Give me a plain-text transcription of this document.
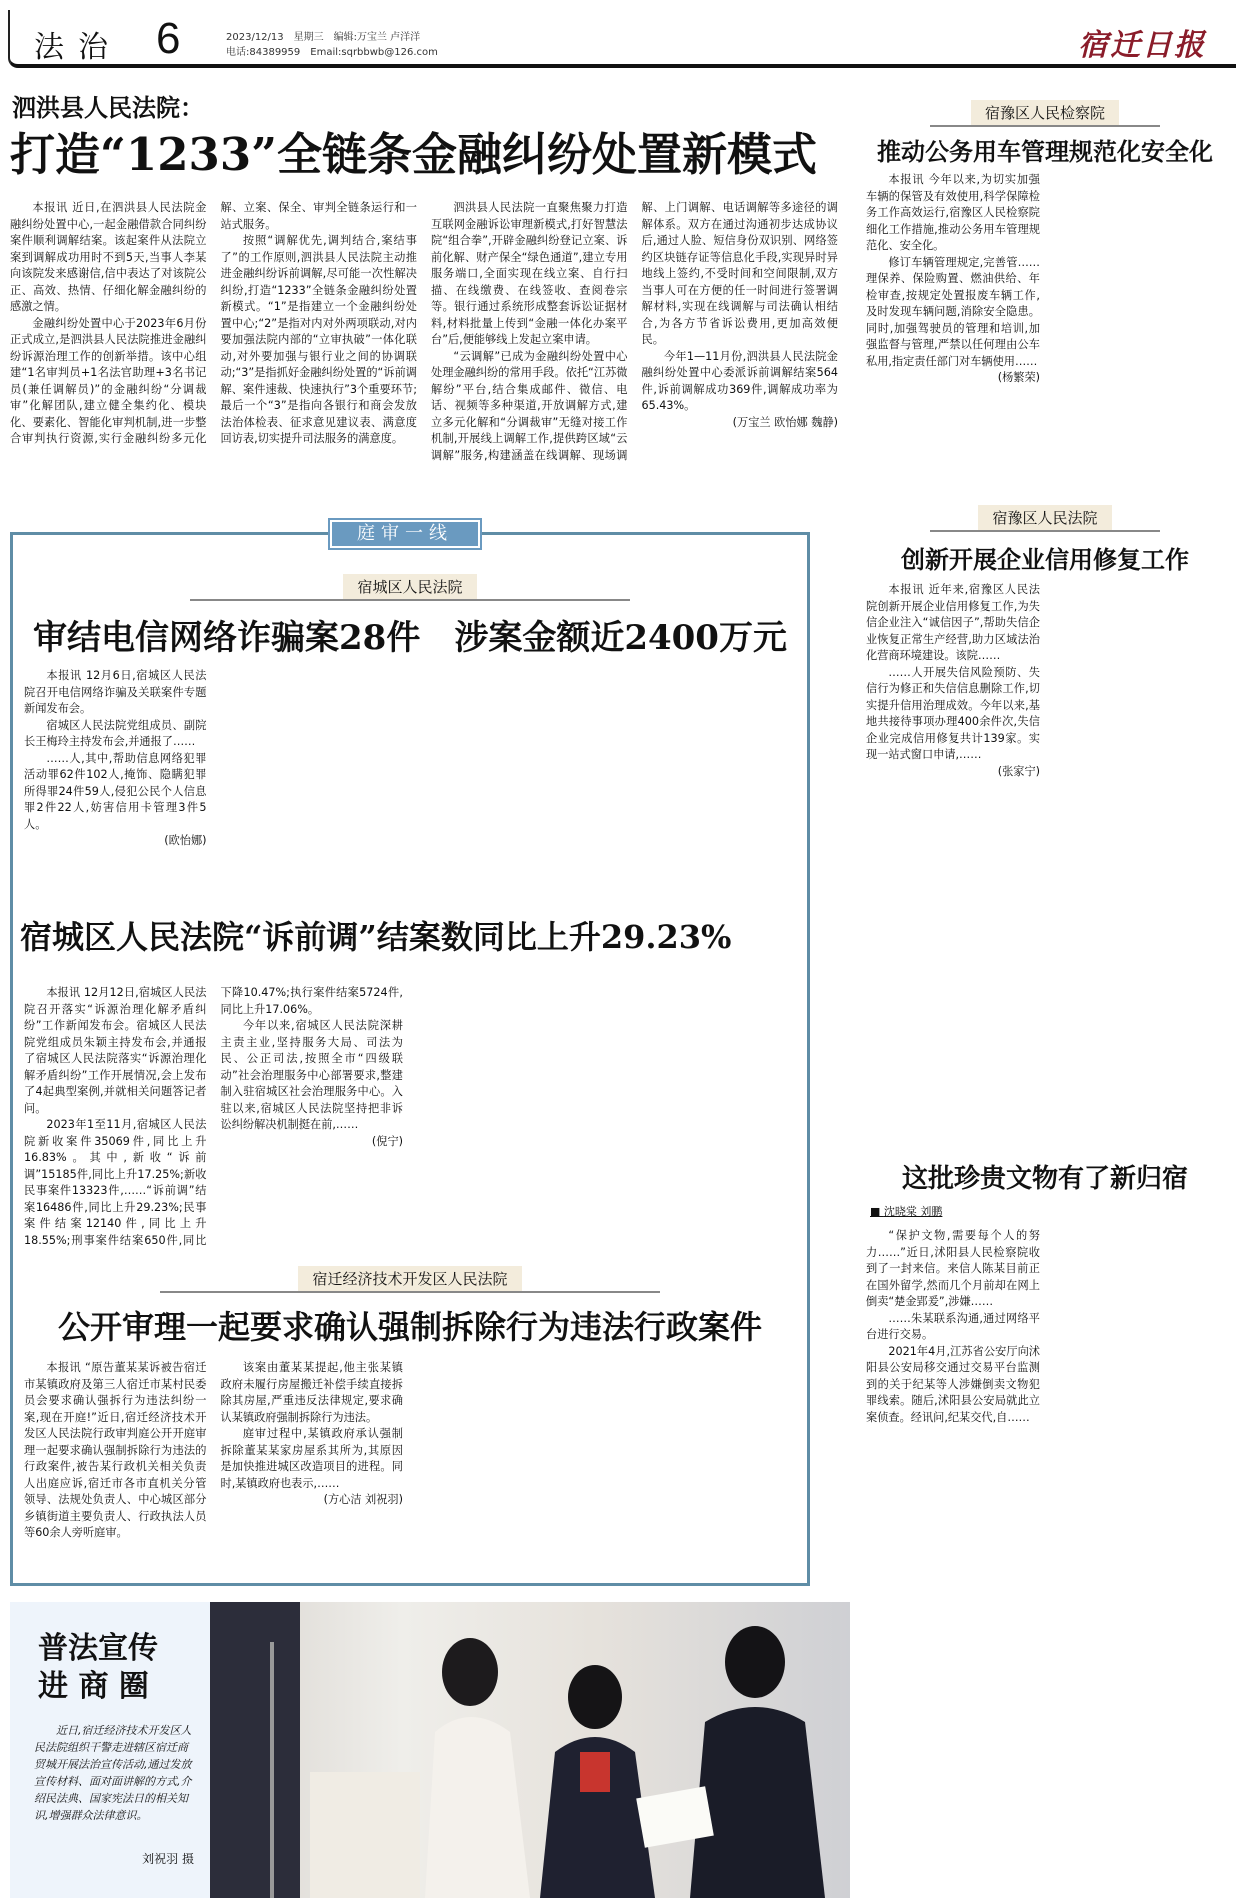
法治 6	2023/12/13　星期三　编辑:万宝兰 卢洋洋
电话:84389959　Email:sqrbbwb@126.com	宿迁日报
泗洪县人民法院：
打造“1233”全链条金融纠纷处置新模式

本报讯 近日,在泗洪县人民法院金融纠纷处置中心,一起金融借款合同纠纷案件顺利调解结案。该起案件从法院立案到调解成功用时不到5天,当事人李某向该院发来感谢信,信中表达了对该院公正、高效、热情、仔细化解金融纠纷的感激之情。

金融纠纷处置中心于2023年6月份正式成立,是泗洪县人民法院推进金融纠纷诉源治理工作的创新举措。该中心组建“1名审判员+1名法官助理+3名书记员(兼任调解员)”的金融纠纷“分调裁审”化解团队,建立健全集约化、模块化、要素化、智能化审判机制,进一步整合审判执行资源,实行金融纠纷多元化解、立案、保全、审判全链条运行和一站式服务。

按照“调解优先,调判结合,案结事了”的工作原则,泗洪县人民法院主动推进金融纠纷诉前调解,尽可能一次性解决纠纷,打造“1233”全链条金融纠纷处置新模式。“1”是指建立一个金融纠纷处置中心;“2”是指对内对外两项联动,对内要加强法院内部的“立审执破”一体化联动,对外要加强与银行业之间的协调联动;“3”是指抓好金融纠纷处置的“诉前调解、案件速裁、快速执行”3个重要环节;最后一个“3”是指向各银行和商会发放法治体检表、征求意见建议表、满意度回访表,切实提升司法服务的满意度。

泗洪县人民法院一直聚焦聚力打造互联网金融诉讼审理新模式,打好智慧法院“组合拳”,开辟金融纠纷登记立案、诉前化解、财产保全“绿色通道”,建立专用服务端口,全面实现在线立案、自行扫描、在线缴费、在线签收、查阅卷宗等。银行通过系统形成整套诉讼证据材料,材料批量上传到“金融一体化办案平台”后,便能够线上发起立案申请。

“云调解”已成为金融纠纷处置中心处理金融纠纷的常用手段。依托“江苏微解纷”平台,结合集成邮件、微信、电话、视频等多种渠道,开放调解方式,建立多元化解和“分调裁审”无缝对接工作机制,开展线上调解工作,提供跨区域“云调解”服务,构建涵盖在线调解、现场调解、上门调解、电话调解等多途径的调解体系。双方在通过沟通初步达成协议后,通过人脸、短信身份双识别、网络签约区块链存证等信息化手段,实现异时异地线上签约,不受时间和空间限制,双方当事人可在方便的任一时间进行签署调解材料,实现在线调解与司法确认相结合,为各方节省诉讼费用,更加高效便民。

今年1—11月份,泗洪县人民法院金融纠纷处置中心委派诉前调解结案564件,诉前调解成功369件,调解成功率为65.43%。

(万宝兰 欧怡娜 魏静)

庭审一线
宿城区人民法院
审结电信网络诈骗案28件　涉案金额近2400万元

本报讯 12月6日,宿城区人民法院召开电信网络诈骗及关联案件专题新闻发布会。

宿城区人民法院党组成员、副院长王梅玲主持发布会,并通报了……

……人,其中,帮助信息网络犯罪活动罪62件102人,掩饰、隐瞒犯罪所得罪24件59人,侵犯公民个人信息罪2件22人,妨害信用卡管理3件5人。

(欧怡娜)

宿城区人民法院“诉前调”结案数同比上升29.23%

本报讯 12月12日,宿城区人民法院召开落实“诉源治理化解矛盾纠纷”工作新闻发布会。宿城区人民法院党组成员朱颖主持发布会,并通报了宿城区人民法院落实“诉源治理化解矛盾纠纷”工作开展情况,会上发布了4起典型案例,并就相关问题答记者问。

2023年1至11月,宿城区人民法院新收案件35069件,同比上升16.83%。其中,新收“诉前调”15185件,同比上升17.25%;新收民事案件13323件,……“诉前调”结案16486件,同比上升29.23%;民事案件结案12140件,同比上升18.55%;刑事案件结案650件,同比下降10.47%;执行案件结案5724件,同比上升17.06%。

今年以来,宿城区人民法院深耕主责主业,坚持服务大局、司法为民、公正司法,按照全市“四级联动”社会治理服务中心部署要求,整建制入驻宿城区社会治理服务中心。入驻以来,宿城区人民法院坚持把非诉讼纠纷解决机制挺在前,……

(倪宁)

宿迁经济技术开发区人民法院
公开审理一起要求确认强制拆除行为违法行政案件

本报讯 “原告董某某诉被告宿迁市某镇政府及第三人宿迁市某村民委员会要求确认强拆行为违法纠纷一案,现在开庭!”近日,宿迁经济技术开发区人民法院行政审判庭公开开庭审理一起要求确认强制拆除行为违法的行政案件,被告某行政机关相关负责人出庭应诉,宿迁市各市直机关分管领导、法规处负责人、中心城区部分乡镇街道主要负责人、行政执法人员等60余人旁听庭审。

该案由董某某提起,他主张某镇政府未履行房屋搬迁补偿手续直接拆除其房屋,严重违反法律规定,要求确认某镇政府强制拆除行为违法。

庭审过程中,某镇政府承认强制拆除董某某家房屋系其所为,其原因是加快推进城区改造项目的进程。同时,某镇政府也表示,……

(方心洁 刘祝羽)

宿豫区人民检察院
推动公务用车管理规范化安全化

本报讯 今年以来,为切实加强车辆的保管及有效使用,科学保障检务工作高效运行,宿豫区人民检察院细化工作措施,推动公务用车管理规范化、安全化。

修订车辆管理规定,完善管……理保养、保险购置、燃油供给、年检审查,按规定处置报废车辆工作,及时发现车辆问题,消除安全隐患。同时,加强驾驶员的管理和培训,加强监督与管理,严禁以任何理由公车私用,指定责任部门对车辆使用……

(杨繁荣)

宿豫区人民法院
创新开展企业信用修复工作

本报讯 近年来,宿豫区人民法院创新开展企业信用修复工作,为失信企业注入“诚信因子”,帮助失信企业恢复正常生产经营,助力区域法治化营商环境建设。该院……

……人开展失信风险预防、失信行为修正和失信信息删除工作,切实提升信用治理成效。今年以来,基地共接待事项办理400余件次,失信企业完成信用修复共计139家。实现一站式窗口申请,……

(张家宁)

这批珍贵文物有了新归宿
■ 沈晓棠 刘鹏

“保护文物,需要每个人的努力……”近日,沭阳县人民检察院收到了一封来信。来信人陈某目前正在国外留学,然而几个月前却在网上倒卖“楚金郢爰”,涉嫌……

……朱某联系沟通,通过网络平台进行交易。

2021年4月,江苏省公安厅向沭阳县公安局移交通过交易平台监测到的关于纪某等人涉嫌倒卖文物犯罪线索。随后,沭阳县公安局就此立案侦查。经讯问,纪某交代,自……

普法宣传
进 商 圈
近日,宿迁经济技术开发区人民法院组织干警走进辖区宿迁商贸城开展法治宣传活动,通过发放宣传材料、面对面讲解的方式,介绍民法典、国家宪法日的相关知识,增强群众法律意识。
刘祝羽 摄
